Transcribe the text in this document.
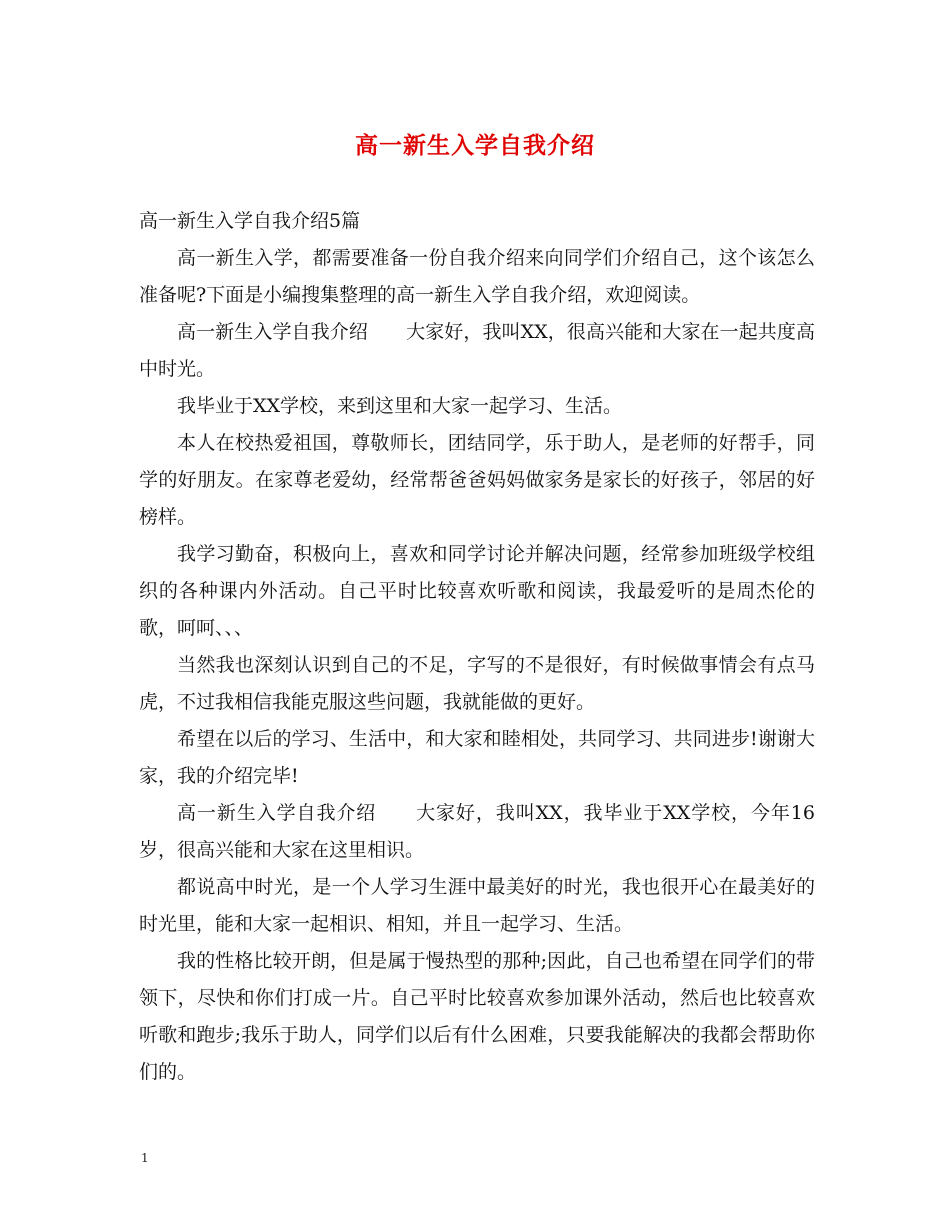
高一新生入学自我介绍

高一新生入学自我介绍5篇

高一新生入学，都需要准备一份自我介绍来向同学们介绍自己，这个该怎么准备呢?下面是小编搜集整理的高一新生入学自我介绍，欢迎阅读。

高一新生入学自我介绍　　大家好，我叫XX，很高兴能和大家在一起共度高中时光。

我毕业于XX学校，来到这里和大家一起学习、生活。

本人在校热爱祖国，尊敬师长，团结同学，乐于助人，是老师的好帮手，同学的好朋友。在家尊老爱幼，经常帮爸爸妈妈做家务是家长的好孩子，邻居的好榜样。

我学习勤奋，积极向上，喜欢和同学讨论并解决问题，经常参加班级学校组织的各种课内外活动。自己平时比较喜欢听歌和阅读，我最爱听的是周杰伦的歌，呵呵、、、

当然我也深刻认识到自己的不足，字写的不是很好，有时候做事情会有点马虎，不过我相信我能克服这些问题，我就能做的更好。

希望在以后的学习、生活中，和大家和睦相处，共同学习、共同进步!谢谢大家，我的介绍完毕!

高一新生入学自我介绍　　大家好，我叫XX，我毕业于XX学校，今年16岁，很高兴能和大家在这里相识。

都说高中时光，是一个人学习生涯中最美好的时光，我也很开心在最美好的时光里，能和大家一起相识、相知，并且一起学习、生活。

我的性格比较开朗，但是属于慢热型的那种;因此，自己也希望在同学们的带领下，尽快和你们打成一片。自己平时比较喜欢参加课外活动，然后也比较喜欢听歌和跑步;我乐于助人，同学们以后有什么困难，只要我能解决的我都会帮助你们的。

1
